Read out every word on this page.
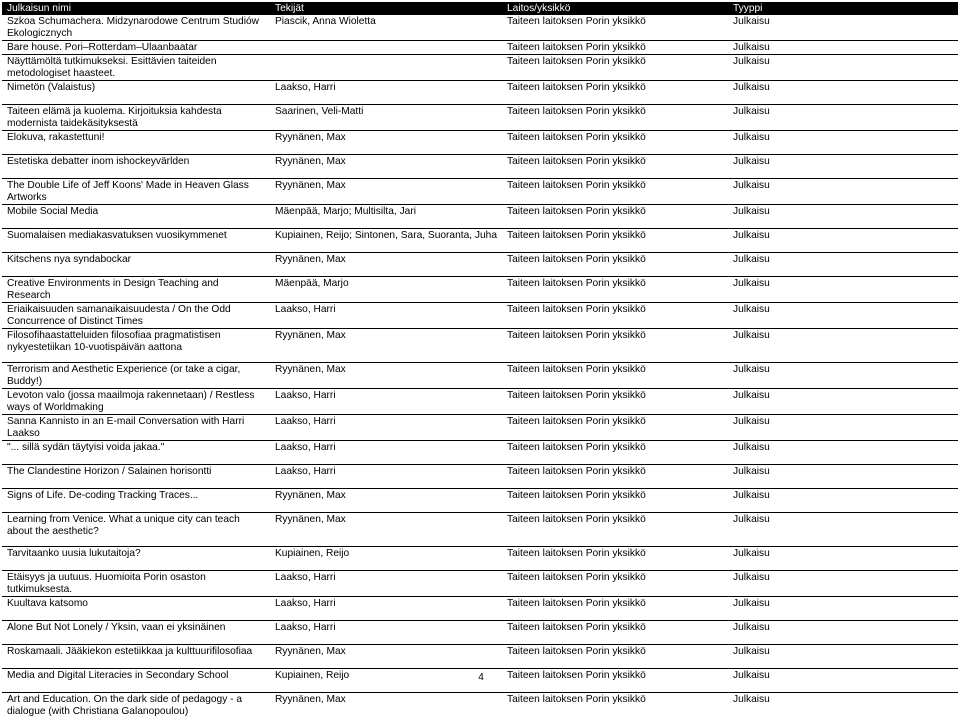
Julkaisun nimi	Tekijät	Laitos/yksikkö	Tyyppi
Szkoa Schumachera. Midzynarodowe Centrum Studiów Ekologicznych	Piascik, Anna Wioletta	Taiteen laitoksen Porin yksikkö	Julkaisu
Bare house. Pori–Rotterdam–Ulaanbaatar		Taiteen laitoksen Porin yksikkö	Julkaisu
Näyttämöltä tutkimukseksi. Esittävien taiteiden metodologiset haasteet.		Taiteen laitoksen Porin yksikkö	Julkaisu
Nimetön (Valaistus)	Laakso, Harri	Taiteen laitoksen Porin yksikkö	Julkaisu
Taiteen elämä ja kuolema. Kirjoituksia kahdesta modernista taidekäsityksestä	Saarinen, Veli-Matti	Taiteen laitoksen Porin yksikkö	Julkaisu
Elokuva, rakastettuni!	Ryynänen, Max	Taiteen laitoksen Porin yksikkö	Julkaisu
Estetiska debatter inom ishockeyvärlden	Ryynänen, Max	Taiteen laitoksen Porin yksikkö	Julkaisu
The Double Life of Jeff Koons' Made in Heaven Glass Artworks	Ryynänen, Max	Taiteen laitoksen Porin yksikkö	Julkaisu
Mobile Social Media	Mäenpää, Marjo; Multisilta, Jari	Taiteen laitoksen Porin yksikkö	Julkaisu
Suomalaisen mediakasvatuksen vuosikymmenet	Kupiainen, Reijo; Sintonen, Sara, Suoranta, Juha	Taiteen laitoksen Porin yksikkö	Julkaisu
Kitschens nya syndabockar	Ryynänen, Max	Taiteen laitoksen Porin yksikkö	Julkaisu
Creative Environments in Design Teaching and Research	Mäenpää, Marjo	Taiteen laitoksen Porin yksikkö	Julkaisu
Eriaikaisuuden samanaikaisuudesta / On the Odd Concurrence of Distinct Times	Laakso, Harri	Taiteen laitoksen Porin yksikkö	Julkaisu
Filosofihaastatteluiden filosofiaa pragmatistisen nykyestetiikan 10-vuotispäivän aattona	Ryynänen, Max	Taiteen laitoksen Porin yksikkö	Julkaisu
Terrorism and Aesthetic Experience (or take a cigar, Buddy!)	Ryynänen, Max	Taiteen laitoksen Porin yksikkö	Julkaisu
Levoton valo (jossa maailmoja rakennetaan) / Restless ways of Worldmaking	Laakso, Harri	Taiteen laitoksen Porin yksikkö	Julkaisu
Sanna Kannisto in an E-mail Conversation with Harri Laakso	Laakso, Harri	Taiteen laitoksen Porin yksikkö	Julkaisu
"... sillä sydän täytyisi voida jakaa."	Laakso, Harri	Taiteen laitoksen Porin yksikkö	Julkaisu
The Clandestine Horizon / Salainen horisontti	Laakso, Harri	Taiteen laitoksen Porin yksikkö	Julkaisu
Signs of Life. De-coding Tracking Traces...	Ryynänen, Max	Taiteen laitoksen Porin yksikkö	Julkaisu
Learning from Venice. What a unique city can teach about the aesthetic?	Ryynänen, Max	Taiteen laitoksen Porin yksikkö	Julkaisu
Tarvitaanko uusia lukutaitoja?	Kupiainen, Reijo	Taiteen laitoksen Porin yksikkö	Julkaisu
Etäisyys ja uutuus. Huomioita Porin osaston tutkimuksesta.	Laakso, Harri	Taiteen laitoksen Porin yksikkö	Julkaisu
Kuultava katsomo	Laakso, Harri	Taiteen laitoksen Porin yksikkö	Julkaisu
Alone But Not Lonely / Yksin, vaan ei yksinäinen	Laakso, Harri	Taiteen laitoksen Porin yksikkö	Julkaisu
Roskamaali. Jääkiekon estetiikkaa ja kulttuurifilosofiaa	Ryynänen, Max	Taiteen laitoksen Porin yksikkö	Julkaisu
Media and Digital Literacies in Secondary School	Kupiainen, Reijo	Taiteen laitoksen Porin yksikkö	Julkaisu
Art and Education. On the dark side of pedagogy - a dialogue (with Christiana Galanopoulou)	Ryynänen, Max	Taiteen laitoksen Porin yksikkö	Julkaisu
4
